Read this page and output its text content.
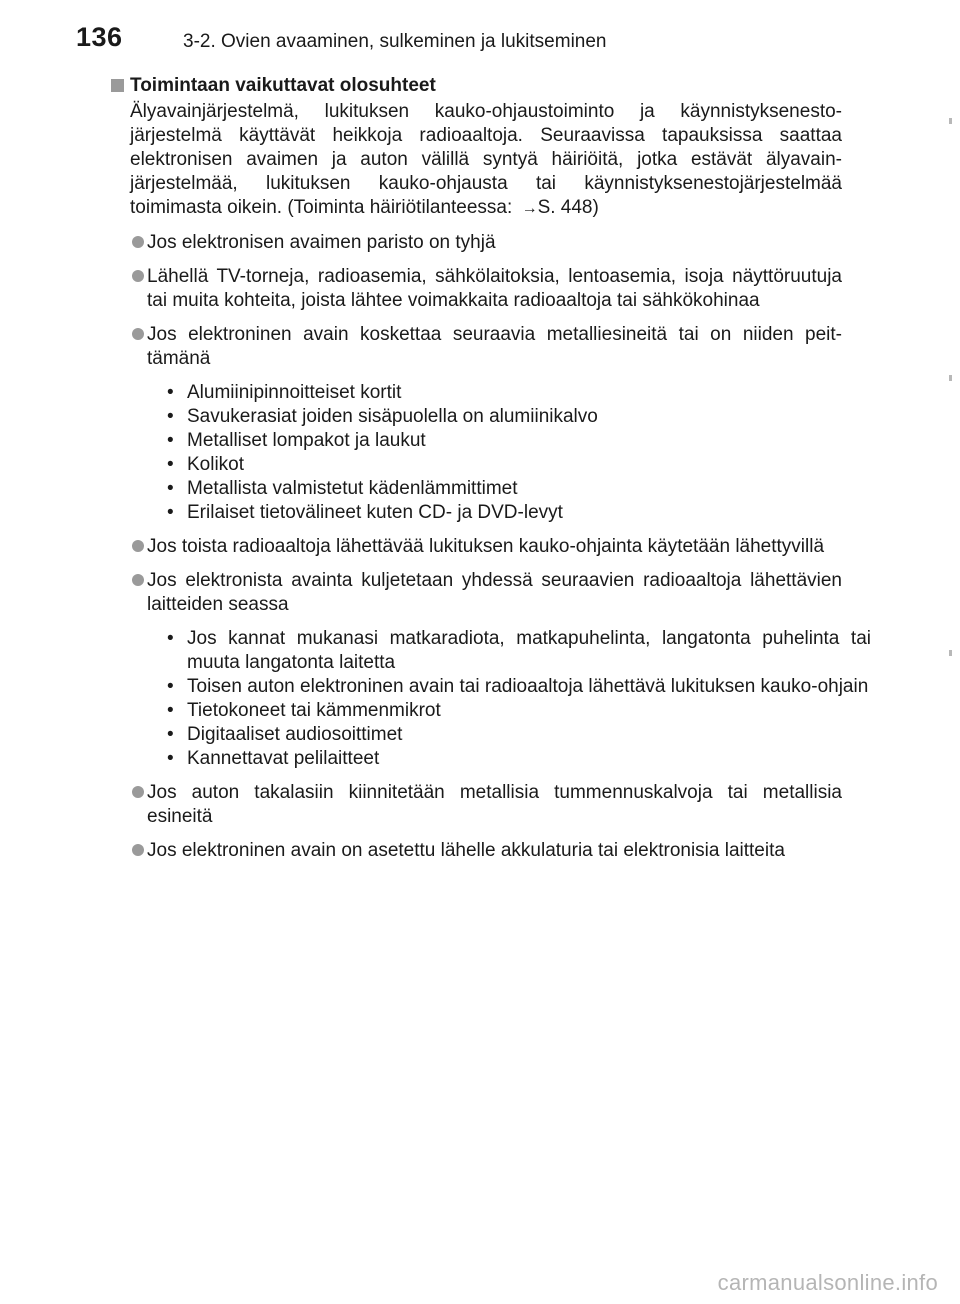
136	3-2. Ovien avaaminen, sulkeminen ja lukitseminen
Toimintaan vaikuttavat olosuhteet
Älyavainjärjestelmä, lukituksen kauko-ohjaustoiminto ja käynnistyksenestojärjestelmä käyttävät heikkoja radioaaltoja. Seuraavissa tapauksissa saattaa elektronisen avaimen ja auton välillä syntyä häiriöitä, jotka estävät älyavainjärjestelmää, lukituksen kauko-ohjausta tai käynnistyksenestojärjestelmää toimimasta oikein. (Toiminta häiriötilanteessa: →S. 448)
Jos elektronisen avaimen paristo on tyhjä
Lähellä TV-torneja, radioasemia, sähkölaitoksia, lentoasemia, isoja näyttöruutuja tai muita kohteita, joista lähtee voimakkaita radioaaltoja tai sähkökohinaa
Jos elektroninen avain koskettaa seuraavia metalliesineitä tai on niiden peittämänä
• Alumiinipinnoitteiset kortit
• Savukerasiat joiden sisäpuolella on alumiinikalvo
• Metalliset lompakot ja laukut
• Kolikot
• Metallista valmistetut kädenlämmittimet
• Erilaiset tietovälineet kuten CD- ja DVD-levyt
Jos toista radioaaltoja lähettävää lukituksen kauko-ohjainta käytetään lähettyvillä
Jos elektronista avainta kuljetetaan yhdessä seuraavien radioaaltoja lähettävien laitteiden seassa
• Jos kannat mukanasi matkaradiota, matkapuhelinta, langatonta puhelinta tai muuta langatonta laitetta
• Toisen auton elektroninen avain tai radioaaltoja lähettävä lukituksen kauko-ohjain
• Tietokoneet tai kämmenmikrot
• Digitaaliset audiosoittimet
• Kannettavat pelilaitteet
Jos auton takalasiin kiinnitetään metallisia tummennuskalvoja tai metallisia esineitä
Jos elektroninen avain on asetettu lähelle akkulaturia tai elektronisia laitteita
carmanualsonline.info
